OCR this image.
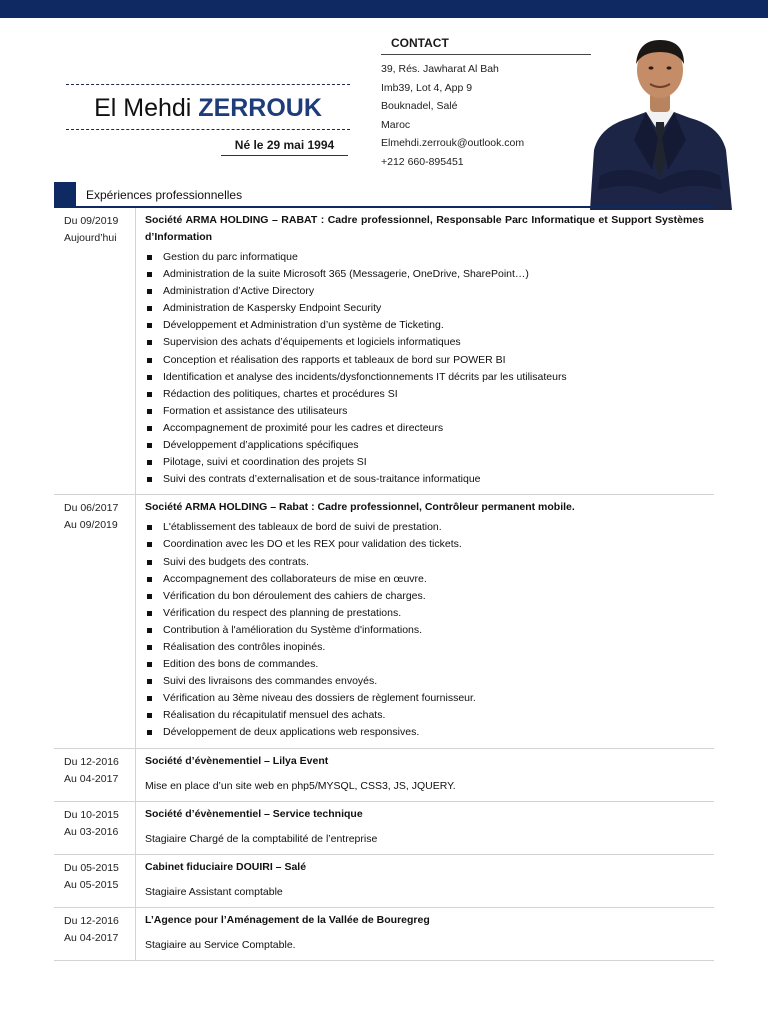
El Mehdi ZERROUK
Né le 29 mai 1994
CONTACT
39, Rés. Jawharat Al Bah
Imb39, Lot 4, App 9
Bouknadel, Salé
Maroc
Elmehdi.zerrouk@outlook.com
+212 660-895451
Expériences professionnelles
Du 09/2019
Aujourd’hui
Société ARMA HOLDING – RABAT : Cadre professionnel, Responsable Parc Informatique et Support Systèmes d’Information
Gestion du parc informatique
Administration de la suite Microsoft 365 (Messagerie, OneDrive, SharePoint…)
Administration d’Active Directory
Administration de Kaspersky Endpoint Security
Développement et Administration d’un système de Ticketing.
Supervision des achats d’équipements et logiciels informatiques
Conception et réalisation des rapports et tableaux de bord sur POWER BI
Identification et analyse des incidents/dysfonctionnements IT décrits par les utilisateurs
Rédaction des politiques, chartes et procédures SI
Formation et assistance des utilisateurs
Accompagnement de proximité pour les cadres et directeurs
Développement d’applications spécifiques
Pilotage, suivi et coordination des projets SI
Suivi des contrats d’externalisation et de sous-traitance informatique
Du 06/2017
Au 09/2019
Société ARMA HOLDING – Rabat : Cadre professionnel, Contrôleur permanent mobile.
L'établissement des tableaux de bord de suivi de prestation.
Coordination avec les DO et les REX pour validation des tickets.
Suivi des budgets des contrats.
Accompagnement des collaborateurs de mise en œuvre.
Vérification du bon déroulement des cahiers de charges.
Vérification du respect des planning de prestations.
Contribution à l'amélioration du Système d'informations.
Réalisation des contrôles inopinés.
Edition des bons de commandes.
Suivi des livraisons des commandes envoyés.
Vérification au 3ème niveau des dossiers de règlement fournisseur.
Réalisation du récapitulatif mensuel des achats.
Développement de deux applications web responsives.
Du 12-2016
Au 04-2017
Société d’évènementiel – Lilya Event
Mise en place d’un site web en php5/MYSQL, CSS3, JS, JQUERY.
Du 10-2015
Au 03-2016
Société d’évènementiel – Service technique
Stagiaire Chargé de la comptabilité de l’entreprise
Du 05-2015
Au 05-2015
Cabinet fiduciaire DOUIRI – Salé
Stagiaire Assistant comptable
Du 12-2016
Au 04-2017
L’Agence pour l’Aménagement de la Vallée de Bouregreg
Stagiaire au Service Comptable.
